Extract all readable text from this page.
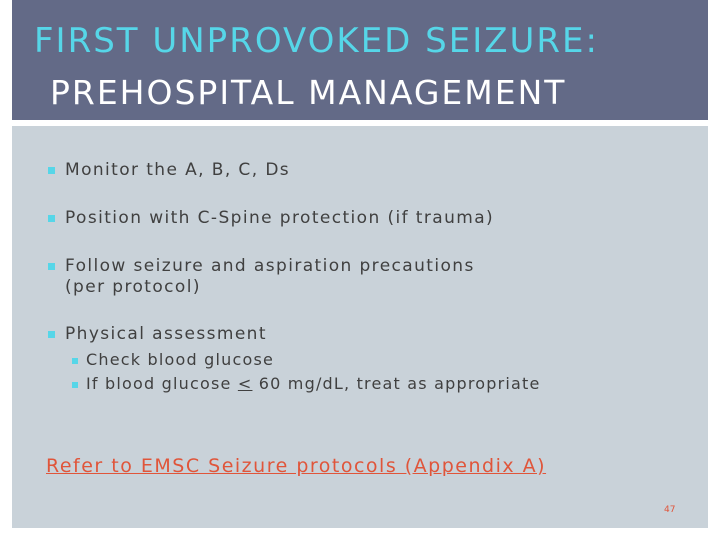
FIRST UNPROVOKED SEIZURE:
PREHOSPITAL MANAGEMENT
Monitor the A, B, C, Ds
Position with C-Spine protection (if trauma)
Follow seizure and aspiration precautions
(per protocol)
Physical assessment
Check blood glucose
If blood glucose ≤ 60 mg/dL, treat as appropriate
Refer to EMSC Seizure protocols (Appendix A)
47
